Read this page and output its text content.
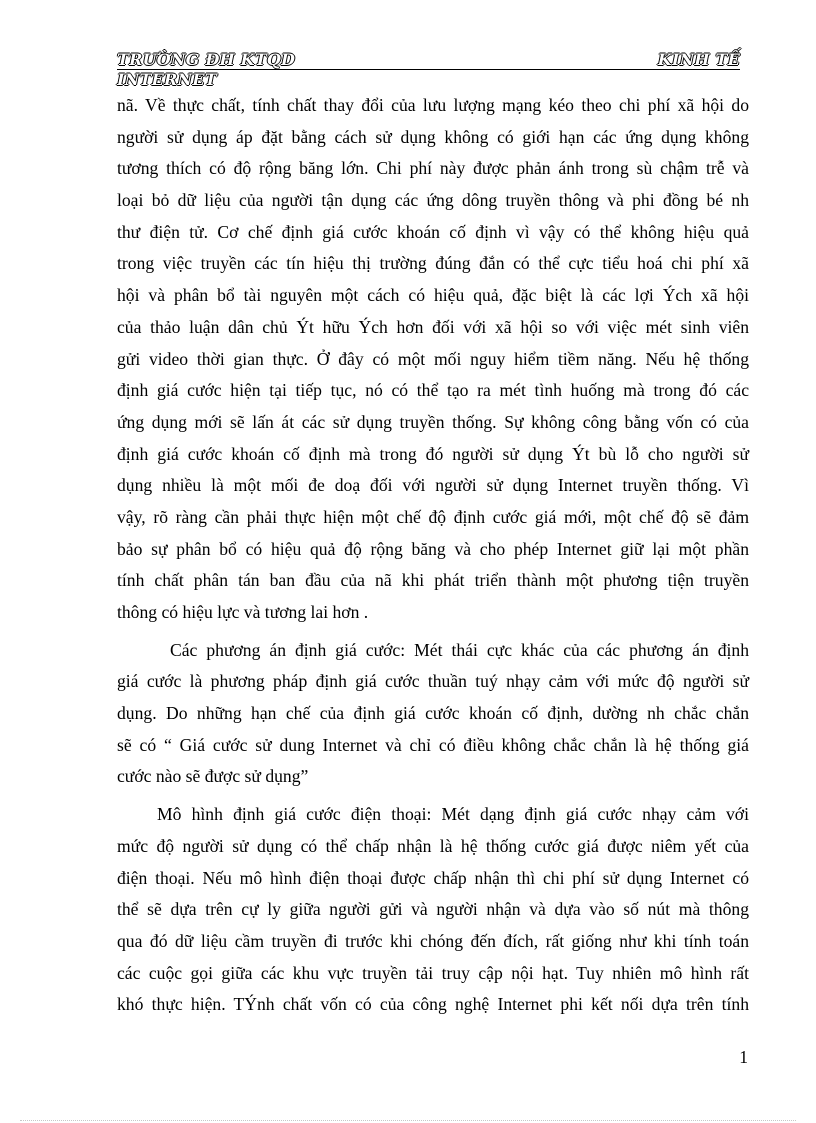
TRƯỜNG ĐH KTQD	KINH TẾ
INTERNET
nã. Về thực chất, tính chất thay đổi của lưu lượng mạng kéo theo chi phí xã hội do
người sử dụng áp đặt bằng cách sử dụng không có giới hạn các ứng dụng không
tương thích có độ rộng băng lớn. Chi phí này được phản ánh trong sù chậm trễ và
loại bỏ dữ liệu của người tận dụng các ứng dông truyền thông và phi đồng bé nh
thư điện tử. Cơ chế định giá cước khoán cố định vì vậy có thể không hiệu quả
trong việc truyền các tín hiệu thị trường đúng đắn có thể cực tiểu hoá chi phí xã
hội và phân bổ tài nguyên một cách có hiệu quả, đặc biệt là các lợi Ých xã hội
của thảo luận dân chủ Ýt hữu Ých hơn đối với xã hội so với việc mét sinh viên
gửi video thời gian thực. Ở đây có một mối nguy hiểm tiềm năng. Nếu hệ thống
định giá cước hiện tại tiếp tục, nó có thể tạo ra mét tình huống mà trong đó các
ứng dụng mới sẽ lấn át các sử dụng truyền thống. Sự không công bằng vốn có của
định giá cước khoán cố định mà trong đó người sử dụng Ýt bù lỗ cho người sử
dụng nhiều là một mối đe doạ đối với người sử dụng Internet truyền thống. Vì
vậy, rõ ràng cần phải thực hiện một chế độ định cước giá mới, một chế độ sẽ đảm
bảo sự phân bổ có hiệu quả độ rộng băng và cho phép Internet giữ lại một phần
tính chất phân tán ban đầu của nã khi phát triển thành một phương tiện truyền
thông có hiệu lực và tương lai hơn .
Các phương án định giá cước: Mét thái cực khác của các phương án định
giá cước là phương pháp định giá cước thuần tuý nhạy cảm với mức độ người sử
dụng. Do những hạn chế của định giá cước khoán cố định, dường nh chắc chắn
sẽ có “ Giá cước sử dung Internet và chỉ có điều không chắc chắn là hệ thống giá
cước nào sẽ được sử dụng”
Mô hình định giá cước điện thoại: Mét dạng định giá cước nhạy cảm với
mức độ người sử dụng có thể chấp nhận là hệ thống cước giá được niêm yết của
điện thoại. Nếu mô hình điện thoại được chấp nhận thì chi phí sử dụng Internet có
thể sẽ dựa trên cự ly giữa người gửi và người nhận và dựa vào số nút mà thông
qua đó dữ liệu cầm truyền đi trước khi chóng đến đích, rất giống như khi tính toán
các cuộc gọi giữa các khu vực truyền tải truy cập nội hạt. Tuy nhiên mô hình rất
khó thực hiện. TÝnh chất vốn có của công nghệ Internet phi kết nối dựa trên tính
1
